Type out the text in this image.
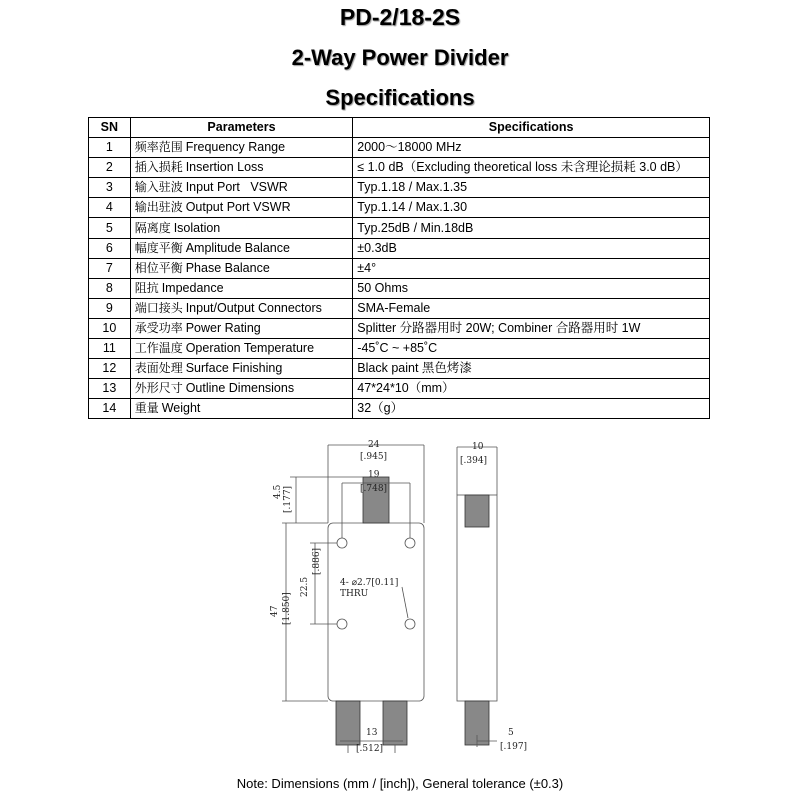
PD-2/18-2S
2-Way Power Divider
Specifications
SN	Parameters	Specifications
1	频率范围 Frequency Range	2000～18000 MHz
2	插入损耗 Insertion Loss	≤ 1.0 dB（Excluding theoretical loss 未含理论损耗 3.0 dB）
3	输入驻波 Input Port   VSWR	Typ.1.18 / Max.1.35
4	输出驻波 Output Port VSWR	Typ.1.14 / Max.1.30
5	隔离度 Isolation	Typ.25dB / Min.18dB
6	幅度平衡 Amplitude Balance	±0.3dB
7	相位平衡 Phase Balance	±4°
8	阻抗 Impedance	50 Ohms
9	端口接头 Input/Output Connectors	SMA-Female
10	承受功率 Power Rating	Splitter 分路器用时 20W; Combiner 合路器用时 1W
11	工作温度 Operation Temperature	-45˚C ~ +85˚C
12	表面处理 Surface Finishing	Black paint 黑色烤漆
13	外形尺寸 Outline Dimensions	47*24*10（mm）
14	重量 Weight	32（g）
24
[.945]
19
[.748]
4.5 [.177]
22.5
[.886]
47 [1.850]
4- ⌀2.7[0.11]
THRU
13
[.512]
10
[.394]
5
[.197]
Note: Dimensions (mm / [inch]), General tolerance (±0.3)
